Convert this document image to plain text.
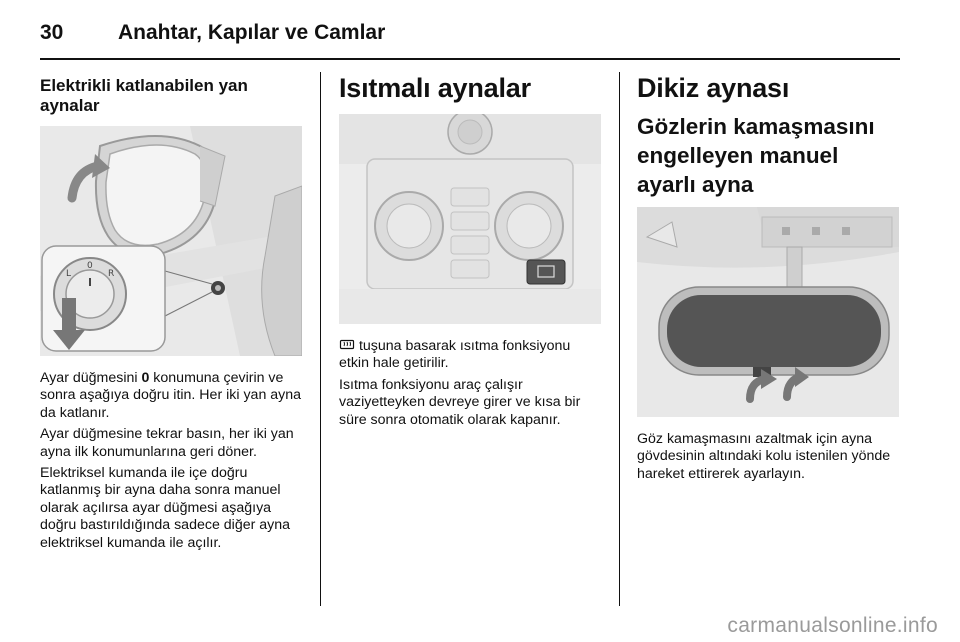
30	Anahtar, Kapılar ve Camlar
Elektrikli katlanabilen yan aynalar
L
0
R
Ayar düğmesini 0 konumuna çevirin ve sonra aşağıya doğru itin. Her iki yan ayna da katlanır.
Ayar düğmesine tekrar basın, her iki yan ayna ilk konumunlarına geri döner.
Elektriksel kumanda ile içe doğru katlanmış bir ayna daha sonra manuel olarak açılırsa ayar düğmesi aşağıya doğru bastırıldığında sadece diğer ayna elektriksel kumanda ile açılır.
Isıtmalı aynalar
tuşuna basarak ısıtma fonksiyonu etkin hale getirilir.
Isıtma fonksiyonu araç çalışır vaziyetteyken devreye girer ve kısa bir süre sonra otomatik olarak kapanır.
Dikiz aynası
Gözlerin kamaşmasını engelleyen manuel ayarlı ayna
Göz kamaşmasını azaltmak için ayna gövdesinin altındaki kolu istenilen yönde hareket ettirerek ayarlayın.
carmanualsonline.info
